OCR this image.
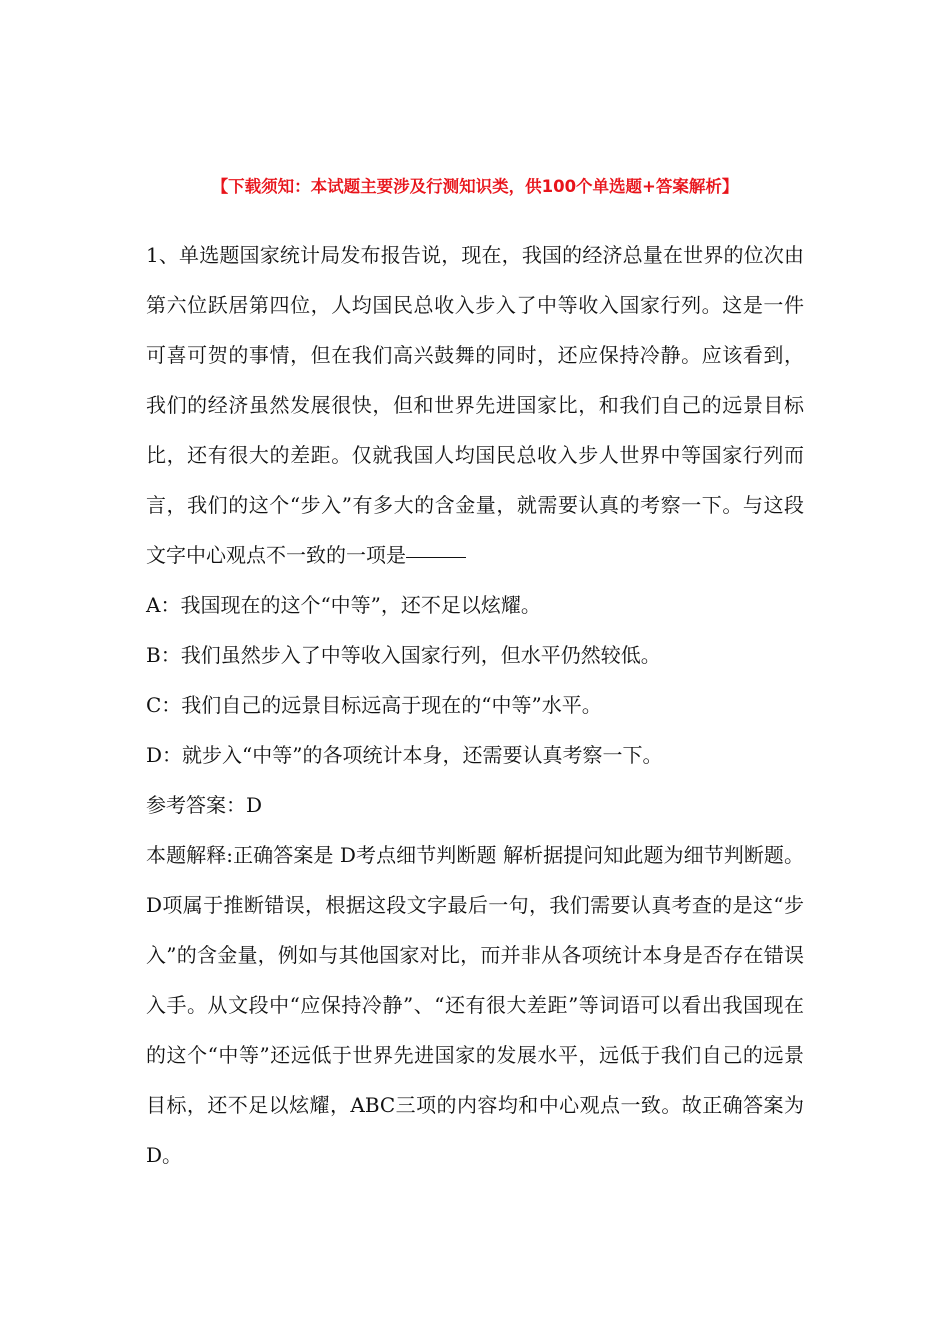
【下载须知：本试题主要涉及行测知识类，供100个单选题+答案解析】

1、单选题国家统计局发布报告说，现在，我国的经济总量在世界的位次由第六位跃居第四位，人均国民总收入步入了中等收入国家行列。这是一件可喜可贺的事情，但在我们高兴鼓舞的同时，还应保持冷静。应该看到，我们的经济虽然发展很快，但和世界先进国家比，和我们自己的远景目标比，还有很大的差距。仅就我国人均国民总收入步人世界中等国家行列而言，我们的这个“步入”有多大的含金量，就需要认真的考察一下。与这段文字中心观点不一致的一项是

A：我国现在的这个“中等”，还不足以炫耀。

B：我们虽然步入了中等收入国家行列，但水平仍然较低。

C：我们自己的远景目标远高于现在的“中等”水平。

D：就步入“中等”的各项统计本身，还需要认真考察一下。

参考答案：D

本题解释:正确答案是 D考点细节判断题 解析据提问知此题为细节判断题。D项属于推断错误，根据这段文字最后一句，我们需要认真考查的是这“步入”的含金量，例如与其他国家对比，而并非从各项统计本身是否存在错误入手。从文段中“应保持冷静”、“还有很大差距”等词语可以看出我国现在的这个“中等”还远低于世界先进国家的发展水平，远低于我们自己的远景目标，还不足以炫耀，ABC三项的内容均和中心观点一致。故正确答案为D。
